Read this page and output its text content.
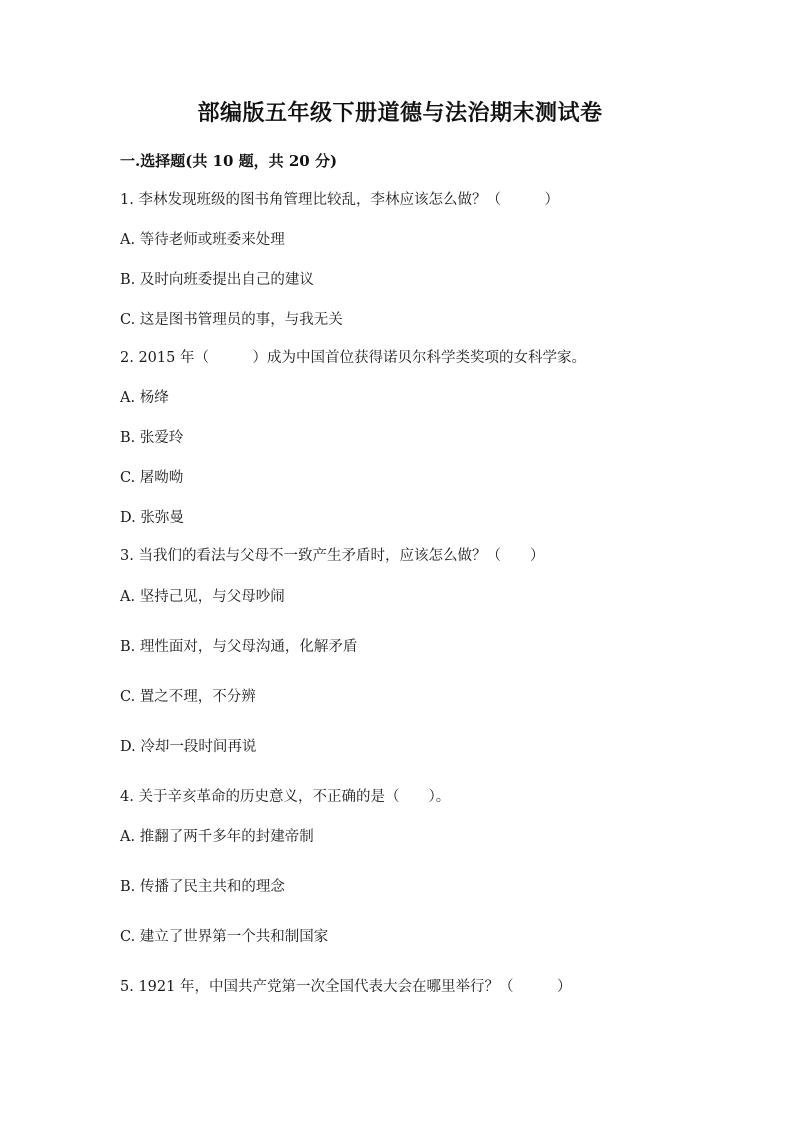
部编版五年级下册道德与法治期末测试卷
一.选择题(共 10 题，共 20 分)
1. 李林发现班级的图书角管理比较乱，李林应该怎么做？（　　　）
A. 等待老师或班委来处理
B. 及时向班委提出自己的建议
C. 这是图书管理员的事，与我无关
2. 2015 年（　　　）成为中国首位获得诺贝尔科学类奖项的女科学家。
A. 杨绛
B. 张爱玲
C. 屠呦呦
D. 张弥曼
3. 当我们的看法与父母不一致产生矛盾时，应该怎么做？（　　）
A. 坚持己见，与父母吵闹
B. 理性面对，与父母沟通，化解矛盾
C. 置之不理，不分辨
D. 冷却一段时间再说
4. 关于辛亥革命的历史意义，不正确的是（　　）。
A. 推翻了两千多年的封建帝制
B. 传播了民主共和的理念
C. 建立了世界第一个共和制国家
5. 1921 年，中国共产党第一次全国代表大会在哪里举行？（　　　）
